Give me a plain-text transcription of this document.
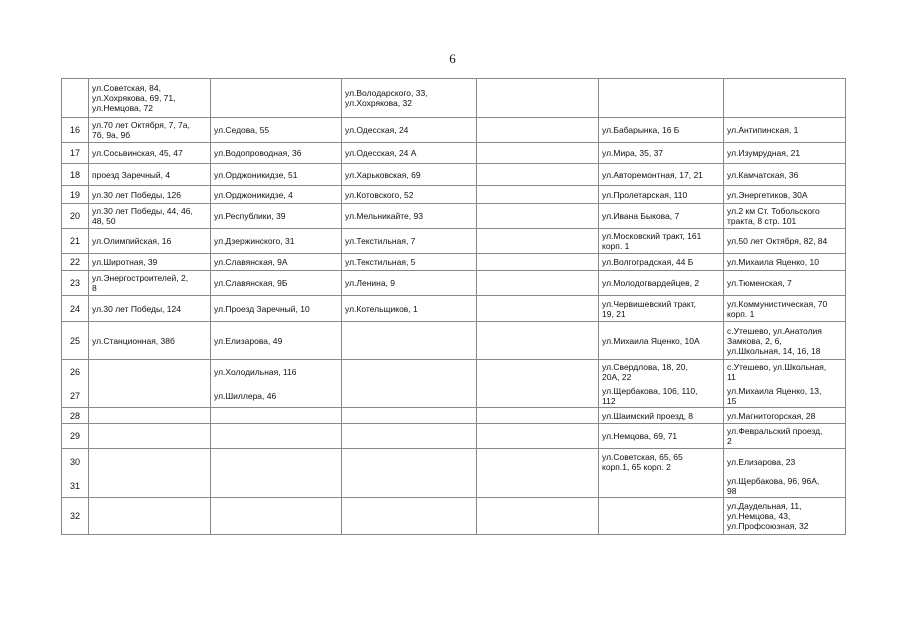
6
	ул.Советская, 84,
ул.Хохрякова, 69, 71,
ул.Немцова, 72		ул.Володарского, 33,
ул.Хохрякова, 32			
16	ул.70 лет Октября, 7, 7а,
7б, 9а, 9б	ул.Седова, 55	ул.Одесская, 24		ул.Бабарынка, 16 Б	ул.Антипинская, 1
17	ул.Сосьвинская, 45, 47	ул.Водопроводная, 36	ул.Одесская, 24 А		ул.Мира, 35, 37	ул.Изумрудная, 21
18	проезд Заречный, 4	ул.Орджоникидзе, 51	ул.Харьковская, 69		ул.Авторемонтная, 17, 21	ул.Камчатская, 36
19	ул.30 лет Победы, 126	ул.Орджоникидзе, 4	ул.Котовского, 52		ул.Пролетарская, 110	ул.Энергетиков, 30А
20	ул.30 лет Победы, 44, 46,
48, 50	ул.Республики, 39	ул.Мельникайте, 93		ул.Ивана Быкова, 7	ул.2 км Ст. Тобольского
тракта, 8 стр. 101
21	ул.Олимпийская, 16	ул.Дзержинского, 31	ул.Текстильная, 7		ул.Московский тракт, 161
корп. 1	ул.50 лет Октября, 82, 84
22	ул.Широтная, 39	ул.Славянская, 9А	ул.Текстильная, 5		ул.Волгоградская, 44 Б	ул.Михаила Яценко, 10
23	ул.Энергостроителей, 2,
8	ул.Славянская, 9Б	ул.Ленина, 9		ул.Молодогвардейцев, 2	ул.Тюменская, 7
24	ул.30 лет Победы, 124	ул.Проезд Заречный, 10	ул.Котельщиков, 1		ул.Червишевский тракт,
19, 21	ул.Коммунистическая, 70
корп. 1
25	ул.Станционная, 38б	ул.Елизарова, 49			ул.Михаила Яценко, 10А	с.Утешево, ул.Анатолия
Замкова, 2, 6,
ул.Школьная, 14, 16, 18
26		ул.Холодильная, 116			ул.Свердлова, 18, 20,
20А, 22	с.Утешево, ул.Школьная,
11
27		ул.Шиллера, 46			ул.Щербакова, 106, 110,
112	ул.Михаила Яценко, 13,
15
28					ул.Шаимский проезд, 8	ул.Магнитогорская, 28
29					ул.Немцова, 69, 71	ул.Февральский проезд,
2
30					ул.Советская, 65, 65
корп.1, 65 корп. 2	ул.Елизарова, 23
31						ул.Щербакова, 96, 96А,
98
32						ул.Даудельная, 11,
ул.Немцова, 43,
ул.Профсоюзная, 32
